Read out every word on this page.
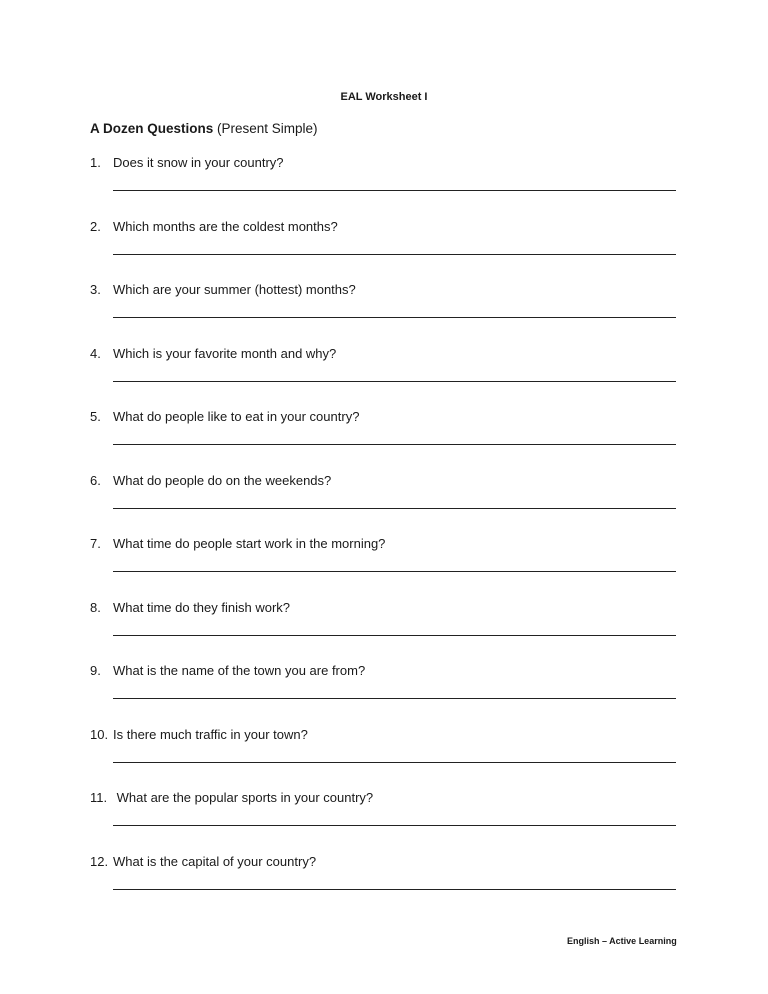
EAL Worksheet I
A Dozen Questions (Present Simple)
1. Does it snow in your country?
2. Which months are the coldest months?
3. Which are your summer (hottest) months?
4. Which is your favorite month and why?
5. What do people like to eat in your country?
6. What do people do on the weekends?
7. What time do people start work in the morning?
8. What time do they finish work?
9. What is the name of the town you are from?
10. Is there much traffic in your town?
11. What are the popular sports in your country?
12. What is the capital of your country?
English – Active Learning
